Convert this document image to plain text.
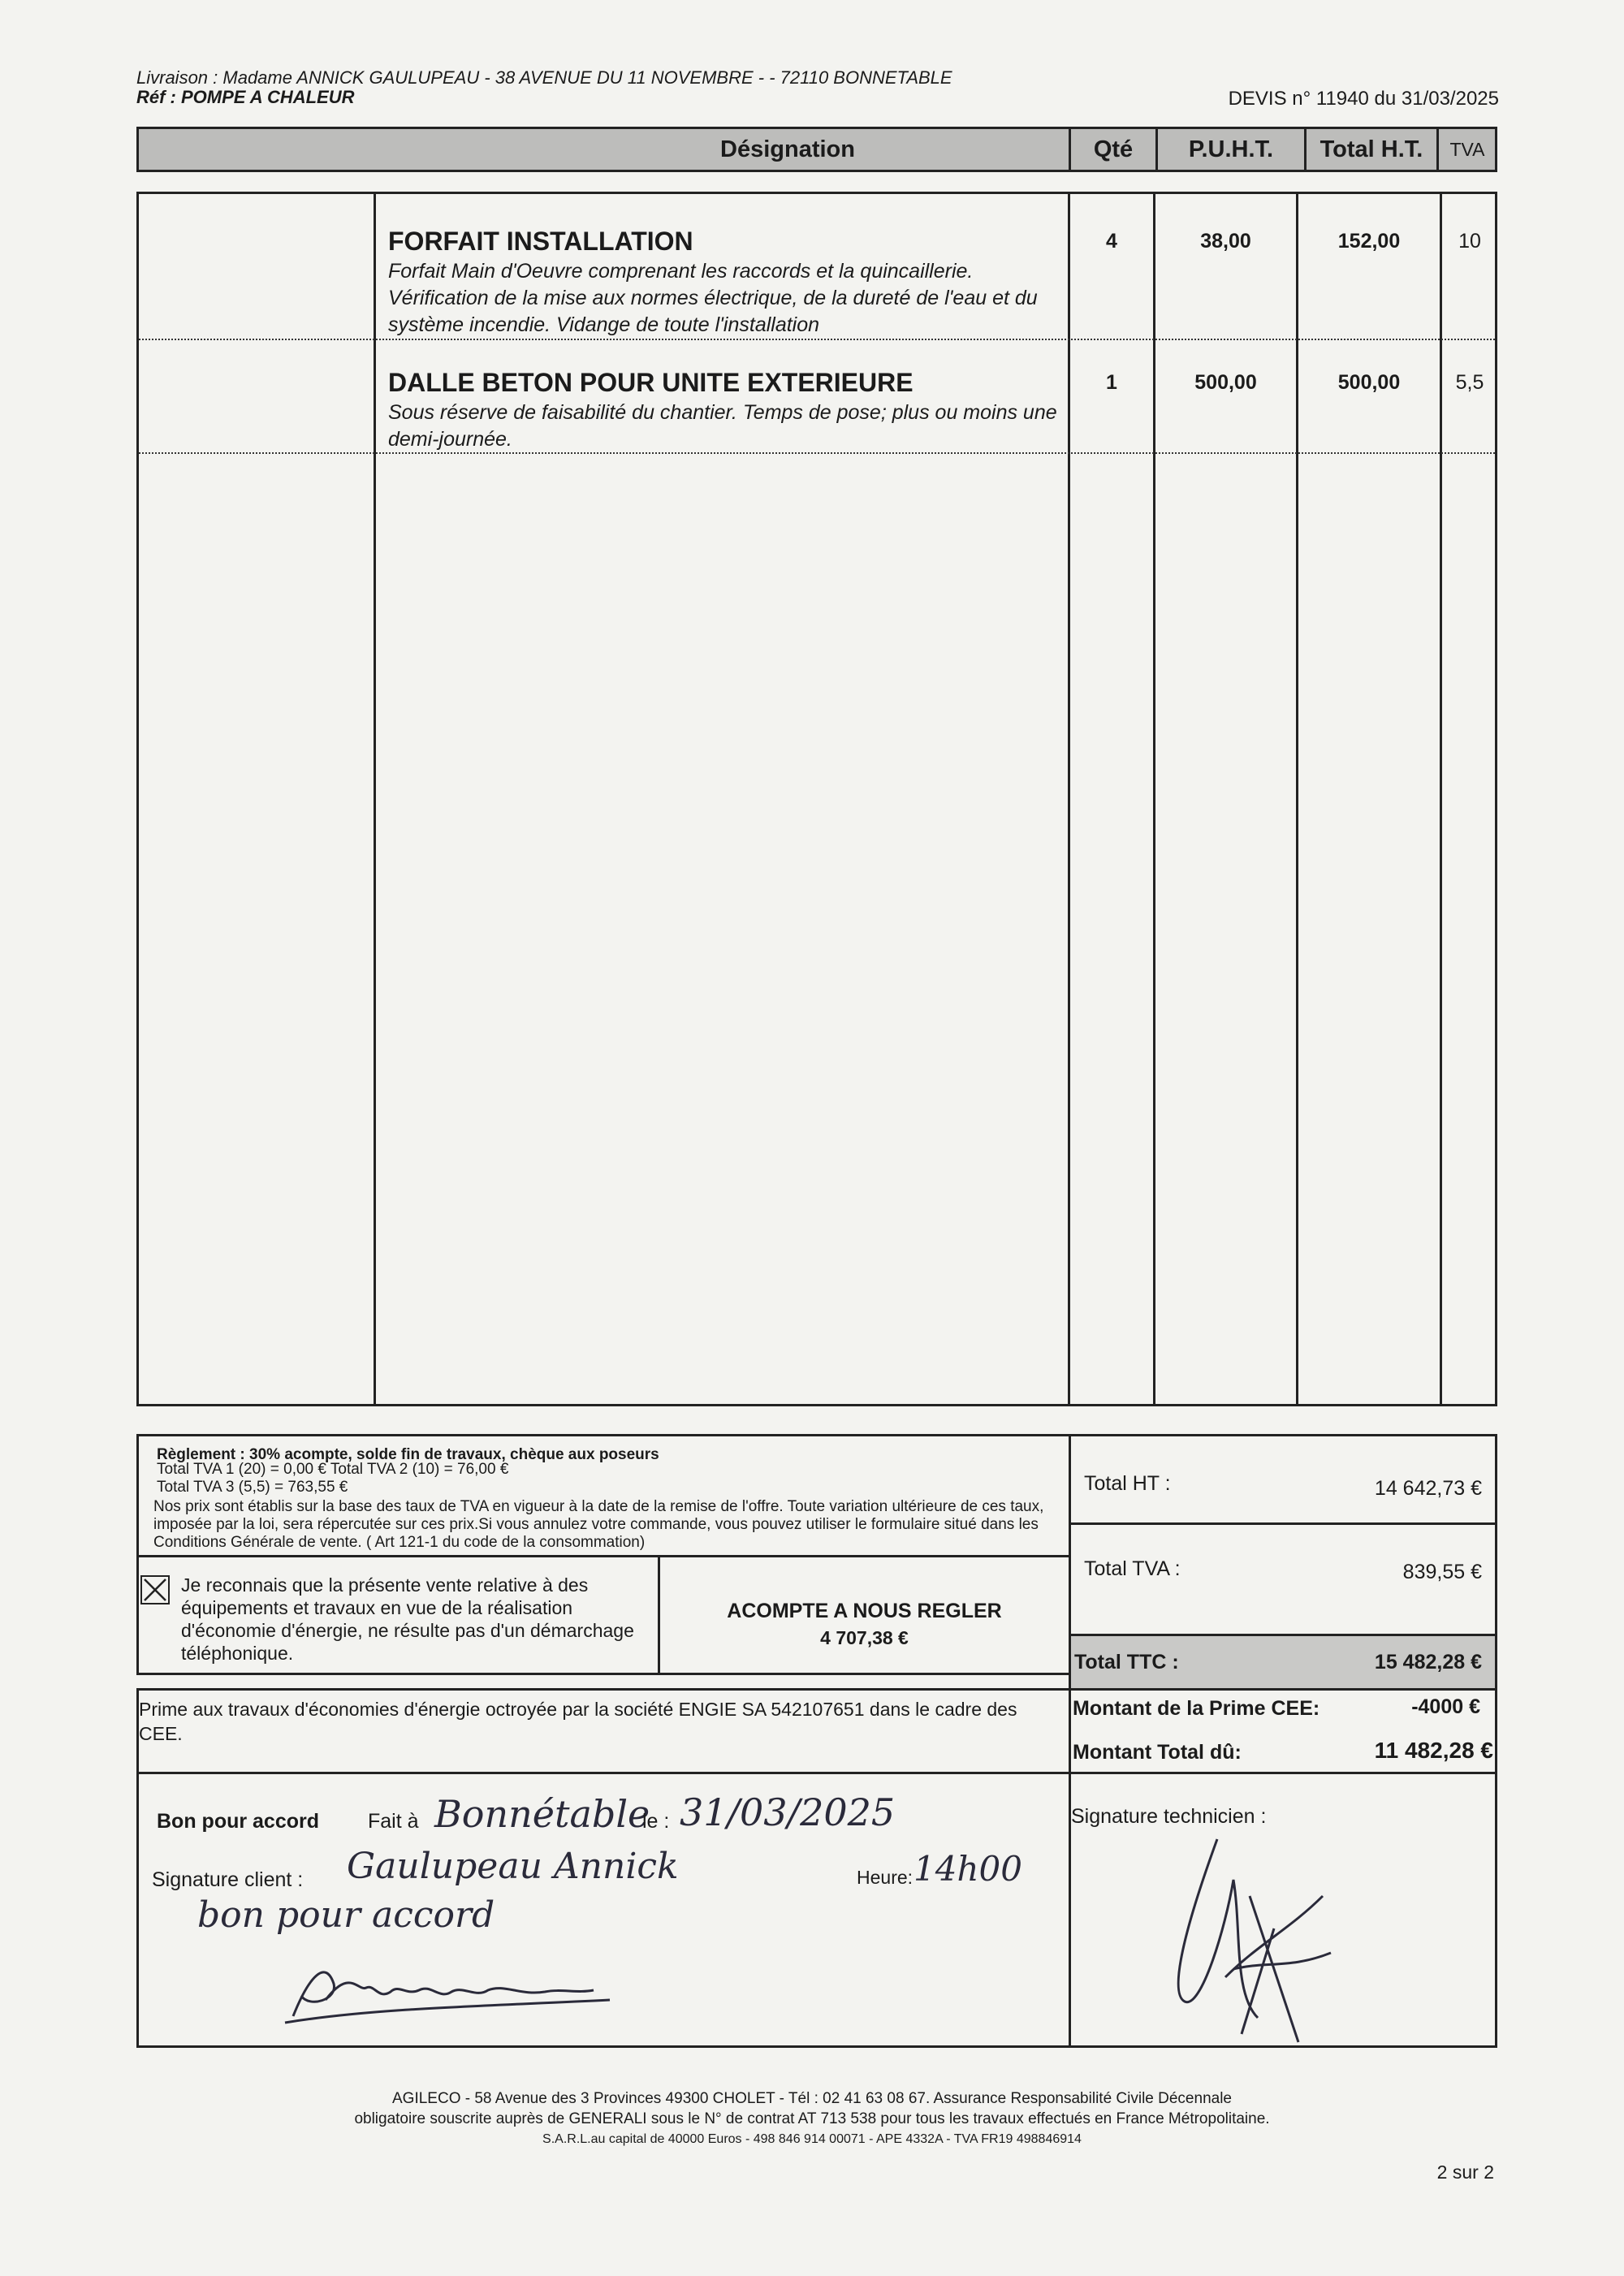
Livraison : Madame ANNICK GAULUPEAU - 38 AVENUE DU 11 NOVEMBRE - - 72110 BONNETABLE
Réf : POMPE A CHALEUR	DEVIS n° 11940 du 31/03/2025
Désignation	Qté	P.U.H.T.	Total H.T.	TVA
FORFAIT INSTALLATION
Forfait Main d'Oeuvre comprenant les raccords et la quincaillerie. Vérification de la mise aux normes électrique, de la dureté de l'eau et du système incendie. Vidange de toute l'installation
4	38,00	152,00	10
DALLE BETON POUR UNITE EXTERIEURE
Sous réserve de faisabilité du chantier. Temps de pose; plus ou moins une demi-journée.
1	500,00	500,00	5,5
Règlement : 30% acompte, solde fin de travaux, chèque aux poseurs
Total TVA 1 (20) = 0,00 € Total TVA 2 (10) = 76,00 €
Total TVA 3 (5,5) = 763,55 €
Nos prix sont établis sur la base des taux de TVA en vigueur à la date de la remise de l'offre. Toute variation ultérieure de ces taux, imposée par la loi, sera répercutée sur ces prix.Si vous annulez votre commande, vous pouvez utiliser le formulaire situé dans les Conditions Générale de vente. ( Art 121-1 du code de la consommation)
Je reconnais que la présente vente relative à des équipements et travaux en vue de la réalisation d'économie d'énergie, ne résulte pas d'un démarchage téléphonique.
ACOMPTE A NOUS REGLER
4 707,38 €
Total HT :	14 642,73 €
Total TVA :	839,55 €
Total TTC :	15 482,28 €
Prime aux travaux d'économies d'énergie octroyée par la société ENGIE SA 542107651 dans le cadre des CEE.
Montant de la Prime CEE:	-4000 €
Montant Total dû:	11 482,28 €
Bon pour accord Fait à Bonnétable
le : 31/03/2025
Signature client : Gaulupeau Annick	Heure: 14h00
bon pour accord
Signature technicien :
AGILECO - 58 Avenue des 3 Provinces 49300 CHOLET - Tél : 02 41 63 08 67. Assurance Responsabilité Civile Décennale
obligatoire souscrite auprès de GENERALI sous le N° de contrat AT 713 538 pour tous les travaux effectués en France Métropolitaine.
S.A.R.L.au capital de 40000 Euros - 498 846 914 00071 - APE 4332A - TVA FR19 498846914
2 sur 2
